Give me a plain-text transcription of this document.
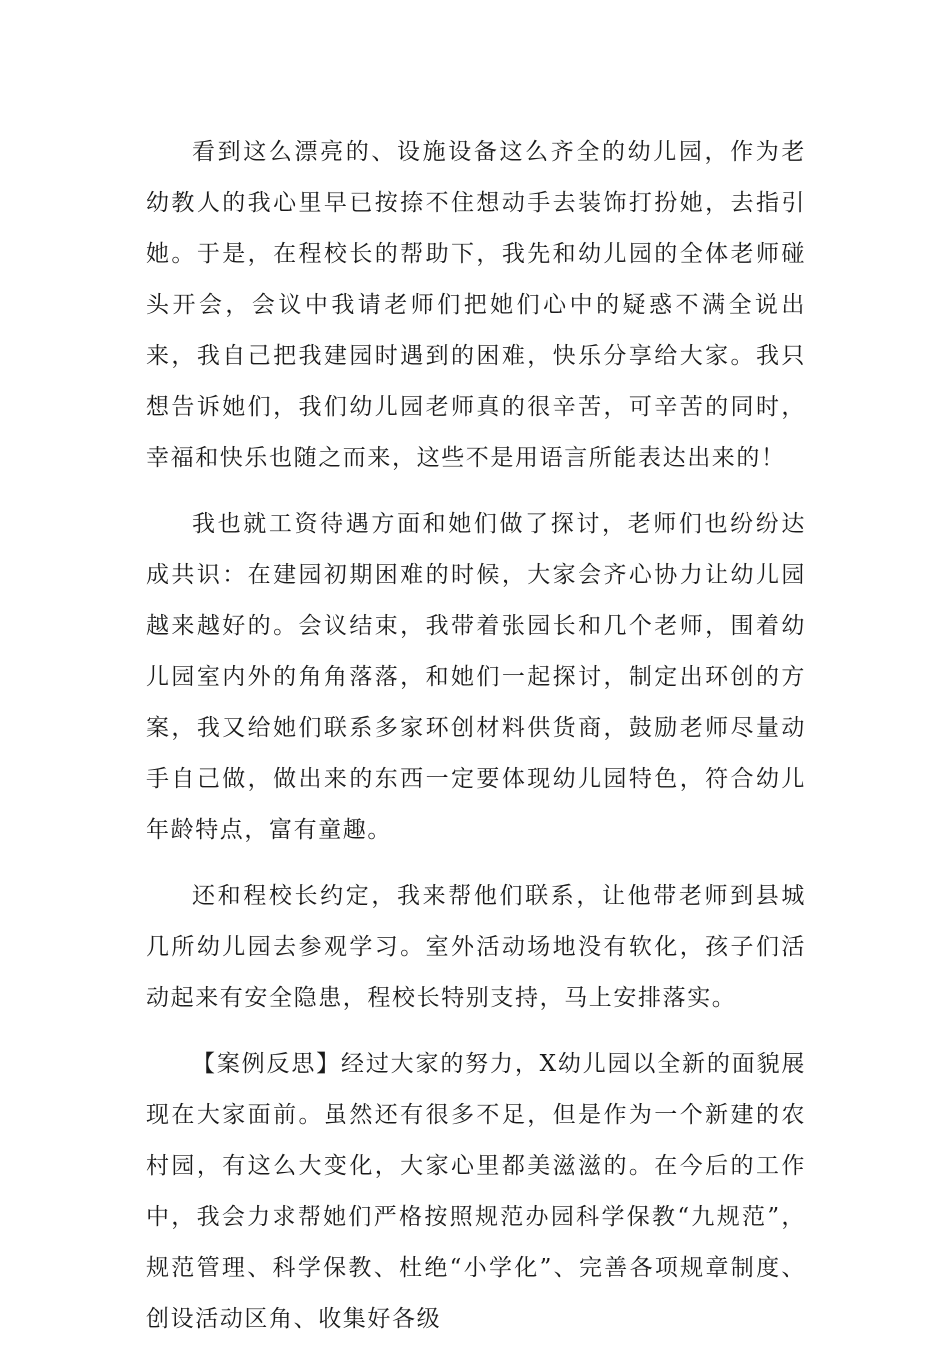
看到这么漂亮的、设施设备这么齐全的幼儿园，作为老幼教人的我心里早已按捺不住想动手去装饰打扮她，去指引她。于是，在程校长的帮助下，我先和幼儿园的全体老师碰头开会，会议中我请老师们把她们心中的疑惑不满全说出来，我自己把我建园时遇到的困难，快乐分享给大家。我只想告诉她们，我们幼儿园老师真的很辛苦，可辛苦的同时，幸福和快乐也随之而来，这些不是用语言所能表达出来的！

我也就工资待遇方面和她们做了探讨，老师们也纷纷达成共识：在建园初期困难的时候，大家会齐心协力让幼儿园越来越好的。会议结束，我带着张园长和几个老师，围着幼儿园室内外的角角落落，和她们一起探讨，制定出环创的方案，我又给她们联系多家环创材料供货商，鼓励老师尽量动手自己做，做出来的东西一定要体现幼儿园特色，符合幼儿年龄特点，富有童趣。

还和程校长约定，我来帮他们联系，让他带老师到县城几所幼儿园去参观学习。室外活动场地没有软化，孩子们活动起来有安全隐患，程校长特别支持，马上安排落实。

【案例反思】经过大家的努力，X幼儿园以全新的面貌展现在大家面前。虽然还有很多不足，但是作为一个新建的农村园，有这么大变化，大家心里都美滋滋的。在今后的工作中，我会力求帮她们严格按照规范办园科学保教“九规范”，规范管理、科学保教、杜绝“小学化”、完善各项规章制度、创设活动区角、收集好各级
